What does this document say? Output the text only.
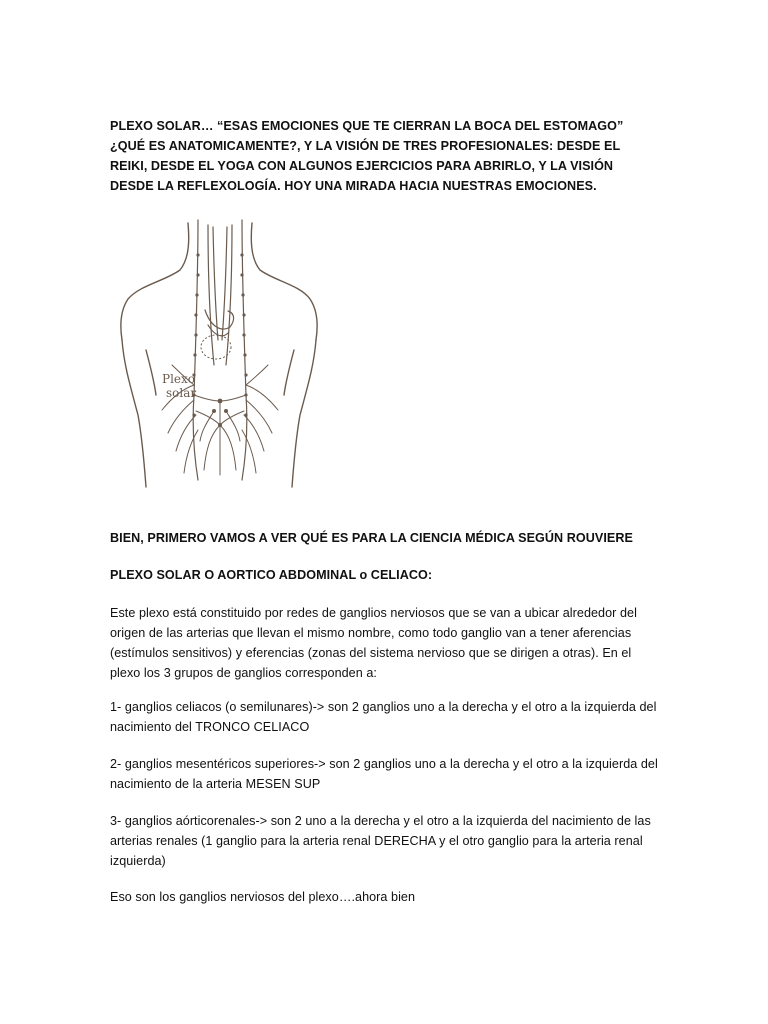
PLEXO SOLAR… “ESAS EMOCIONES QUE TE CIERRAN LA BOCA DEL ESTOMAGO” ¿QUÉ ES ANATOMICAMENTE?, Y LA VISIÓN DE TRES PROFESIONALES: DESDE EL REIKI, DESDE EL YOGA CON ALGUNOS EJERCICIOS PARA ABRIRLO, Y LA VISIÓN DESDE LA REFLEXOLOGÍA. HOY UNA MIRADA HACIA NUESTRAS EMOCIONES.

Plexo
solar

BIEN, PRIMERO VAMOS A VER QUÉ ES PARA LA CIENCIA MÉDICA SEGÚN ROUVIERE

PLEXO SOLAR O AORTICO ABDOMINAL o CELIACO:

Este plexo está constituido por redes de ganglios nerviosos que se van a ubicar alrededor del origen de las arterias que llevan el mismo nombre, como todo ganglio van a tener aferencias (estímulos sensitivos) y eferencias (zonas del sistema nervioso que se dirigen a otras). En el plexo los 3 grupos de ganglios corresponden a:

1- ganglios celiacos (o semilunares)-> son 2 ganglios uno a la derecha y el otro a la izquierda del nacimiento del TRONCO CELIACO

2- ganglios mesentéricos superiores-> son 2 ganglios uno a la derecha y el otro a la izquierda del nacimiento de la arteria MESEN SUP

3- ganglios aórticorenales-> son 2 uno a la derecha y el otro a la izquierda del nacimiento de las arterias renales (1 ganglio para la arteria renal DERECHA y el otro ganglio para la arteria renal izquierda)

Eso son los ganglios nerviosos del plexo….ahora bien
